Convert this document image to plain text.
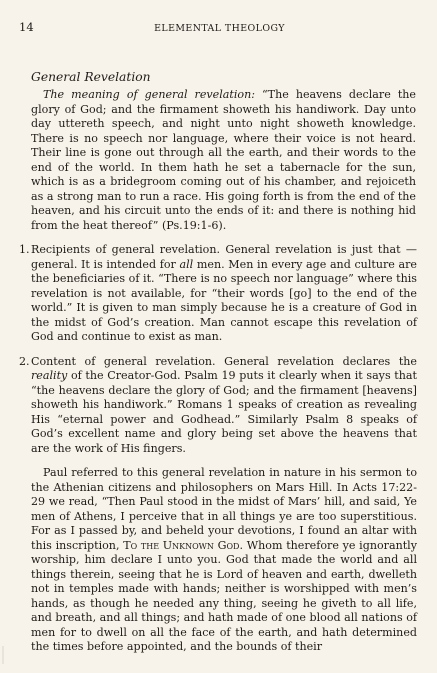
14	ELEMENTAL THEOLOGY
General Revelation

The meaning of general revelation: “The heavens declare the glory of God; and the firmament showeth his handiwork. Day unto day uttereth speech, and night unto night showeth knowledge. There is no speech nor language, where their voice is not heard. Their line is gone out through all the earth, and their words to the end of the world. In them hath he set a tabernacle for the sun, which is as a bridegroom coming out of his chamber, and rejoiceth as a strong man to run a race. His going forth is from the end of the heaven, and his circuit unto the ends of it: and there is nothing hid from the heat thereof” (Ps.19:1-6).

1. Recipients of general revelation. General revelation is just that — general. It is intended for all men. Men in every age and culture are the beneficiaries of it. “There is no speech nor language” where this revelation is not available, for “their words [go] to the end of the world.” It is given to man simply because he is a creature of God in the midst of God’s creation. Man cannot escape this revelation of God and continue to exist as man.
2. Content of general revelation. General revelation declares the reality of the Creator-God. Psalm 19 puts it clearly when it says that “the heavens declare the glory of God; and the firmament [heavens] showeth his handiwork.” Romans 1 speaks of creation as revealing His “eternal power and Godhead.” Similarly Psalm 8 speaks of God’s excellent name and glory being set above the heavens that are the work of His fingers.

Paul referred to this general revelation in nature in his sermon to the Athenian citizens and philosophers on Mars Hill. In Acts 17:22-29 we read, “Then Paul stood in the midst of Mars’ hill, and said, Ye men of Athens, I perceive that in all things ye are too superstitious. For as I passed by, and beheld your devotions, I found an altar with this inscription, To the Unknown God. Whom therefore ye ignorantly worship, him declare I unto you. God that made the world and all things therein, seeing that he is Lord of heaven and earth, dwelleth not in temples made with hands; neither is worshipped with men’s hands, as though he needed any thing, seeing he giveth to all life, and breath, and all things; and hath made of one blood all nations of men for to dwell on all the face of the earth, and hath determined the times before appointed, and the bounds of their
